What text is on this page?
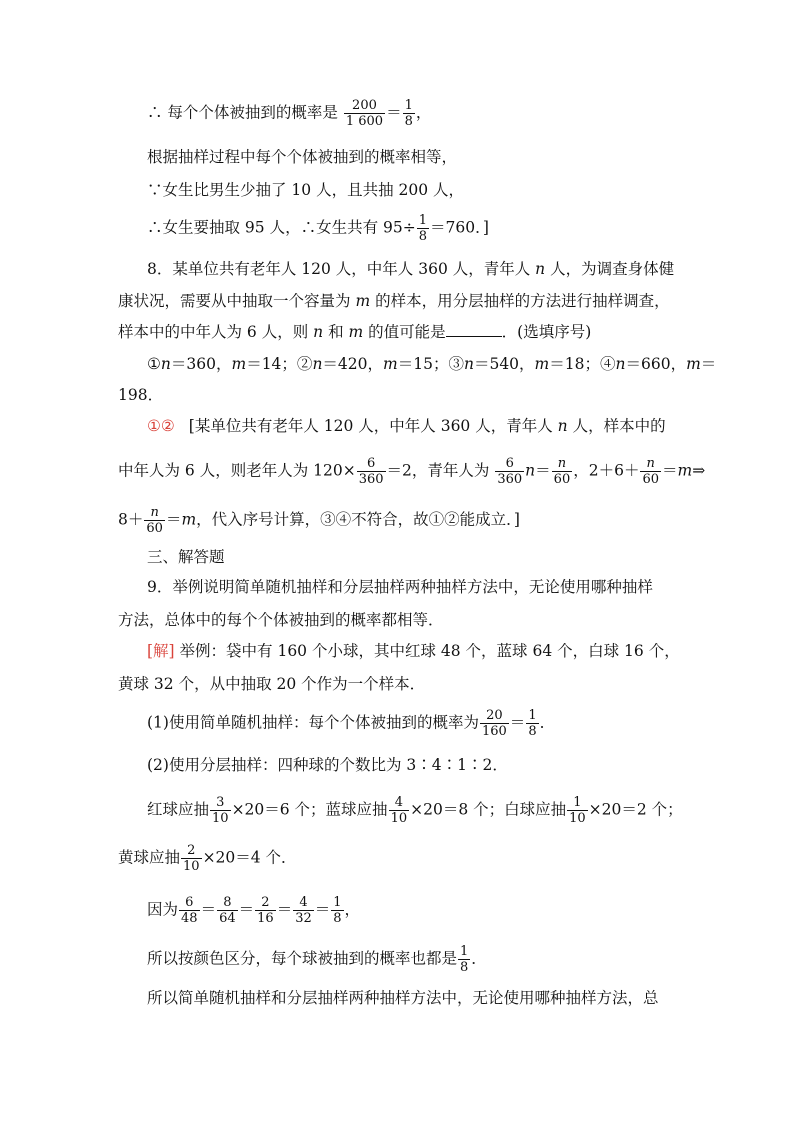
∴ 每个个体被抽到的概率是 $\frac{200}{1 600} = \frac{1}{8}$ ，
根据抽样过程中每个个体被抽到的概率相等，
∵女生比男生少抽了 10 人，且共抽 200 人，
∴女生要抽取 95 人，∴女生共有 $95\div \frac{1}{8} =760$．]
8．某单位共有老年人 120 人，中年人 360 人，青年人 n 人，为调查身体健
康状况，需要从中抽取一个容量为 m 的样本，用分层抽样的方法进行抽样调查，
样本中的中年人为 6 人，则 n 和 m 的值可能是	．(选填序号)
①n＝360，m＝14；②n＝420，m＝15；③n＝540，m＝18；④n＝660，m＝
198．
①② [某单位共有老年人 120 人，中年人 360 人，青年人 n 人，样本中的
中年人为 6 人，则老年人为 $120\times \frac{6}{360} =2$，青年人为 $\frac{6}{360} n= \frac{n}{60}$ ，$2+6+ \frac{n}{60}$ ＝m⇒
$8+ \frac{n}{60} =m$，代入序号计算，③④不符合，故①②能成立．]
三、解答题
9．举例说明简单随机抽样和分层抽样两种抽样方法中，无论使用哪种抽样
方法，总体中的每个个体被抽到的概率都相等．
[解] 举例：袋中有 160 个小球，其中红球 48 个，蓝球 64 个，白球 16 个，
黄球 32 个，从中抽取 20 个作为一个样本．
(1)使用简单随机抽样：每个个体被抽到的概率为 $\frac{20}{160} = \frac{1}{8}$ ．
(2)使用分层抽样：四种球的个数比为 3∶4∶1∶2．
红球应抽 $\frac{3}{10} \times 20=6$ 个；蓝球应抽 $\frac{4}{10} \times 20=8$ 个；白球应抽 $\frac{1}{10} \times 20=2$ 个；
黄球应抽 $\frac{2}{10} \times 20=4$ 个．
因为 $\frac{6}{48} = \frac{8}{64} = \frac{2}{16} = \frac{4}{32} = \frac{1}{8}$ ，
所以按颜色区分，每个球被抽到的概率也都是 $\frac{1}{8}$ ．
所以简单随机抽样和分层抽样两种抽样方法中，无论使用哪种抽样方法，总
